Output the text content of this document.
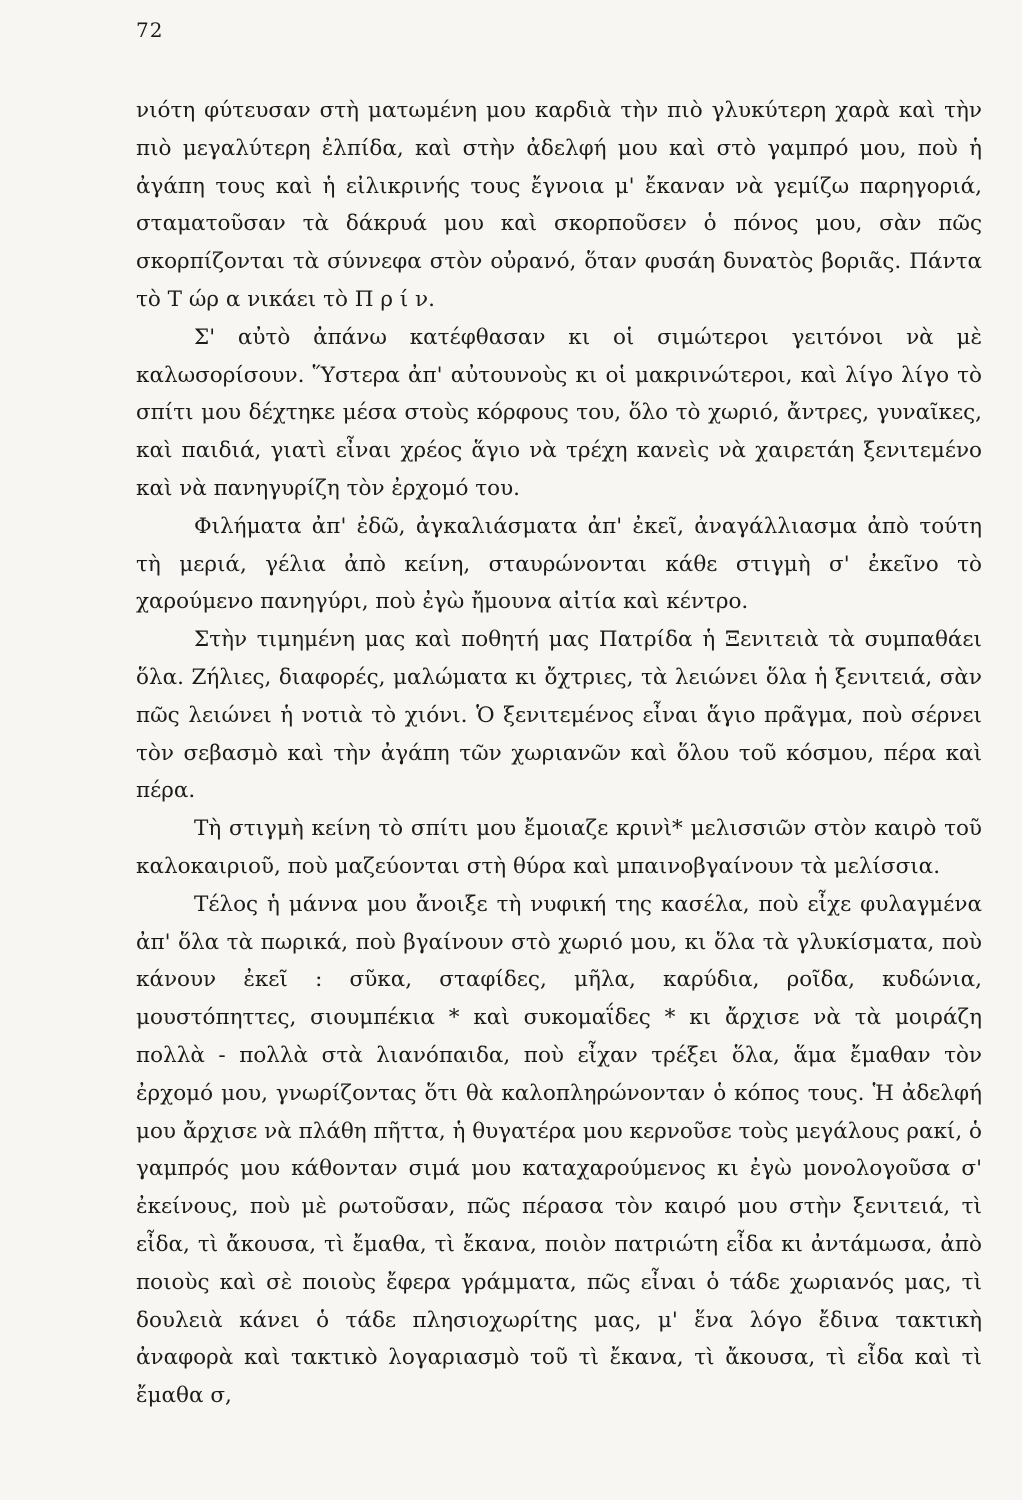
72

νιότη φύτευσαν στὴ ματωμένη μου καρδιὰ τὴν πιὸ γλυκύτερη χαρὰ καὶ τὴν πιὸ μεγαλύτερη ἐλπίδα, καὶ στὴν ἀδελφή μου καὶ στὸ γαμπρό μου, ποὺ ἡ ἀγάπη τους καὶ ἡ εἰλικρινής τους ἔγνοια μ' ἔκαναν νὰ γεμίζω παρηγοριά, σταματοῦσαν τὰ δάκρυά μου καὶ σκορποῦσεν ὁ πόνος μου, σὰν πῶς σκορπίζονται τὰ σύννεφα στὸν οὐρανό, ὅταν φυσάη δυνατὸς βοριᾶς. Πάντα τὸ Τ ώρ α νικάει τὸ Π ρ ί ν.

Σ' αὐτὸ ἀπάνω κατέφθασαν κι οἱ σιμώτεροι γειτόνοι νὰ μὲ καλωσορίσουν. Ὕστερα ἀπ' αὐτουνοὺς κι οἱ μακρινώτεροι, καὶ λίγο λίγο τὸ σπίτι μου δέχτηκε μέσα στοὺς κόρφους του, ὅλο τὸ χωριό, ἄντρες, γυναῖκες, καὶ παιδιά, γιατὶ εἶναι χρέος ἅγιο νὰ τρέχη κανεὶς νὰ χαιρετάη ξενιτεμένο καὶ νὰ πανηγυρίζη τὸν ἐρχομό του.

Φιλήματα ἀπ' ἐδῶ, ἀγκαλιάσματα ἀπ' ἐκεῖ, ἀναγάλλιασμα ἀπὸ τούτη τὴ μεριά, γέλια ἀπὸ κείνη, σταυρώνονται κάθε στιγμὴ σ' ἐκεῖνο τὸ χαρούμενο πανηγύρι, ποὺ ἐγὼ ἤμουνα αἰτία καὶ κέντρο.

Στὴν τιμημένη μας καὶ ποθητή μας Πατρίδα ἡ Ξενιτειὰ τὰ συμπαθάει ὅλα. Ζήλιες, διαφορές, μαλώματα κι ὄχτριες, τὰ λειώνει ὅλα ἡ ξενιτειά, σὰν πῶς λειώνει ἡ νοτιὰ τὸ χιόνι. Ὁ ξενιτεμένος εἶναι ἅγιο πρᾶγμα, ποὺ σέρνει τὸν σεβασμὸ καὶ τὴν ἀγάπη τῶν χωριανῶν καὶ ὅλου τοῦ κόσμου, πέρα καὶ πέρα.

Τὴ στιγμὴ κείνη τὸ σπίτι μου ἔμοιαζε κρινὶ* μελισσιῶν στὸν καιρὸ τοῦ καλοκαιριοῦ, ποὺ μαζεύονται στὴ θύρα καὶ μπαινοβγαίνουν τὰ μελίσσια.

Τέλος ἡ μάννα μου ἄνοιξε τὴ νυφική της κασέλα, ποὺ εἶχε φυλαγμένα ἀπ' ὅλα τὰ πωρικά, ποὺ βγαίνουν στὸ χωριό μου, κι ὅλα τὰ γλυκίσματα, ποὺ κάνουν ἐκεῖ : σῦκα, σταφίδες, μῆλα, καρύδια, ροῖδα, κυδώνια, μουστόπηττες, σιουμπέκια * καὶ συκομαΐδες * κι ἄρχισε νὰ τὰ μοιράζη πολλὰ - πολλὰ στὰ λιανόπαιδα, ποὺ εἶχαν τρέξει ὅλα, ἅμα ἔμαθαν τὸν ἐρχομό μου, γνωρίζοντας ὅτι θὰ καλοπληρώνονταν ὁ κόπος τους. Ἡ ἀδελφή μου ἄρχισε νὰ πλάθη πῆττα, ἡ θυγατέρα μου κερνοῦσε τοὺς μεγάλους ρακί, ὁ γαμπρός μου κάθονταν σιμά μου καταχαρούμενος κι ἐγὼ μονολογοῦσα σ' ἐκείνους, ποὺ μὲ ρωτοῦσαν, πῶς πέρασα τὸν καιρό μου στὴν ξενιτειά, τὶ εἶδα, τὶ ἄκουσα, τὶ ἔμαθα, τὶ ἔκανα, ποιὸν πατριώτη εἶδα κι ἀντάμωσα, ἀπὸ ποιοὺς καὶ σὲ ποιοὺς ἔφερα γράμματα, πῶς εἶναι ὁ τάδε χωριανός μας, τὶ δουλειὰ κάνει ὁ τάδε πλησιοχωρίτης μας, μ' ἕνα λόγο ἔδινα τακτικὴ ἀναφορὰ καὶ τακτικὸ λογαριασμὸ τοῦ τὶ ἔκανα, τὶ ἄκουσα, τὶ εἶδα καὶ τὶ ἔμαθα σ,
